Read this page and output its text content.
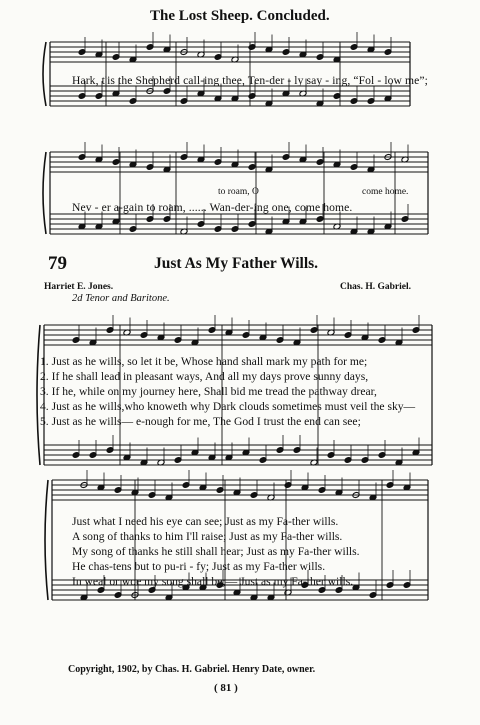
The Lost Sheep. Concluded.
Hark, t'is the Shepherd call-ing thee, Ten-der - ly say - ing, “Fol - low me”;
to roam, O	come home.
Nev - er a-gain to roam, ...... Wan-der-ing one, come home.
79	Just As My Father Wills.
Harriet E. Jones.	Chas. H. Gabriel.
2d Tenor and Baritone.
1. Just as he wills, so let it be, Whose hand shall mark my path for me;
2. If he shall lead in pleasant ways, And all my days prove sunny days,
3. If he, while on my journey here, Shall bid me tread the pathway drear,
4. Just as he wills,who knoweth why Dark clouds sometimes must veil the sky—
5. Just as he wills— e-nough for me, The God I trust the end can see;
Just what I need his eye can see; Just as my Fa-ther wills.
A song of thanks to him I'll raise; Just as my Fa-ther wills.
My song of thanks he still shall hear; Just as my Fa-ther wills.
He chas-tens but to pu-ri - fy; Just as my Fa-ther wills.
In weal or woe my song shall be;— Just as my Fa-ther wills.
Copyright, 1902, by Chas. H. Gabriel. Henry Date, owner.
( 81 )
